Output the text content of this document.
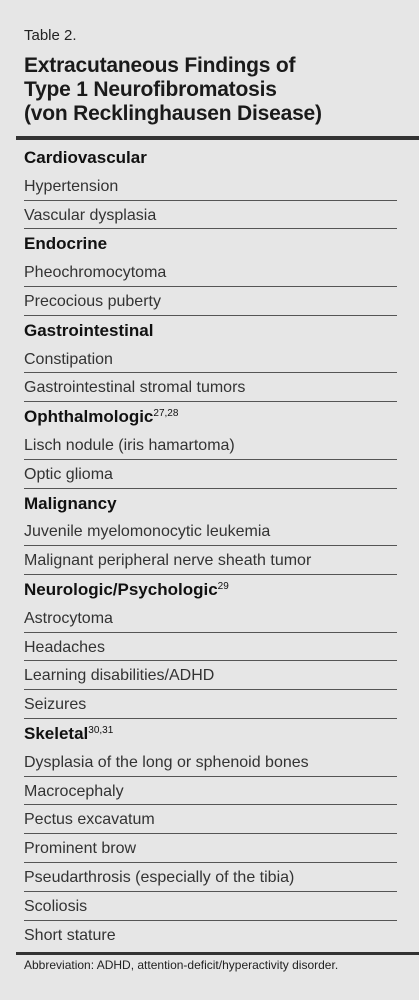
Table 2.
Extracutaneous Findings of
Type 1 Neurofibromatosis
(von Recklinghausen Disease)
Cardiovascular
Hypertension
Vascular dysplasia
Endocrine
Pheochromocytoma
Precocious puberty
Gastrointestinal
Constipation
Gastrointestinal stromal tumors
Ophthalmologic$^{27,28}$
Lisch nodule (iris hamartoma)
Optic glioma
Malignancy
Juvenile myelomonocytic leukemia
Malignant peripheral nerve sheath tumor
Neurologic/Psychologic$^{29}$
Astrocytoma
Headaches
Learning disabilities/ADHD
Seizures
Skeletal$^{30,31}$
Dysplasia of the long or sphenoid bones
Macrocephaly
Pectus excavatum
Prominent brow
Pseudarthrosis (especially of the tibia)
Scoliosis
Short stature
Abbreviation: ADHD, attention-deficit/hyperactivity disorder.
